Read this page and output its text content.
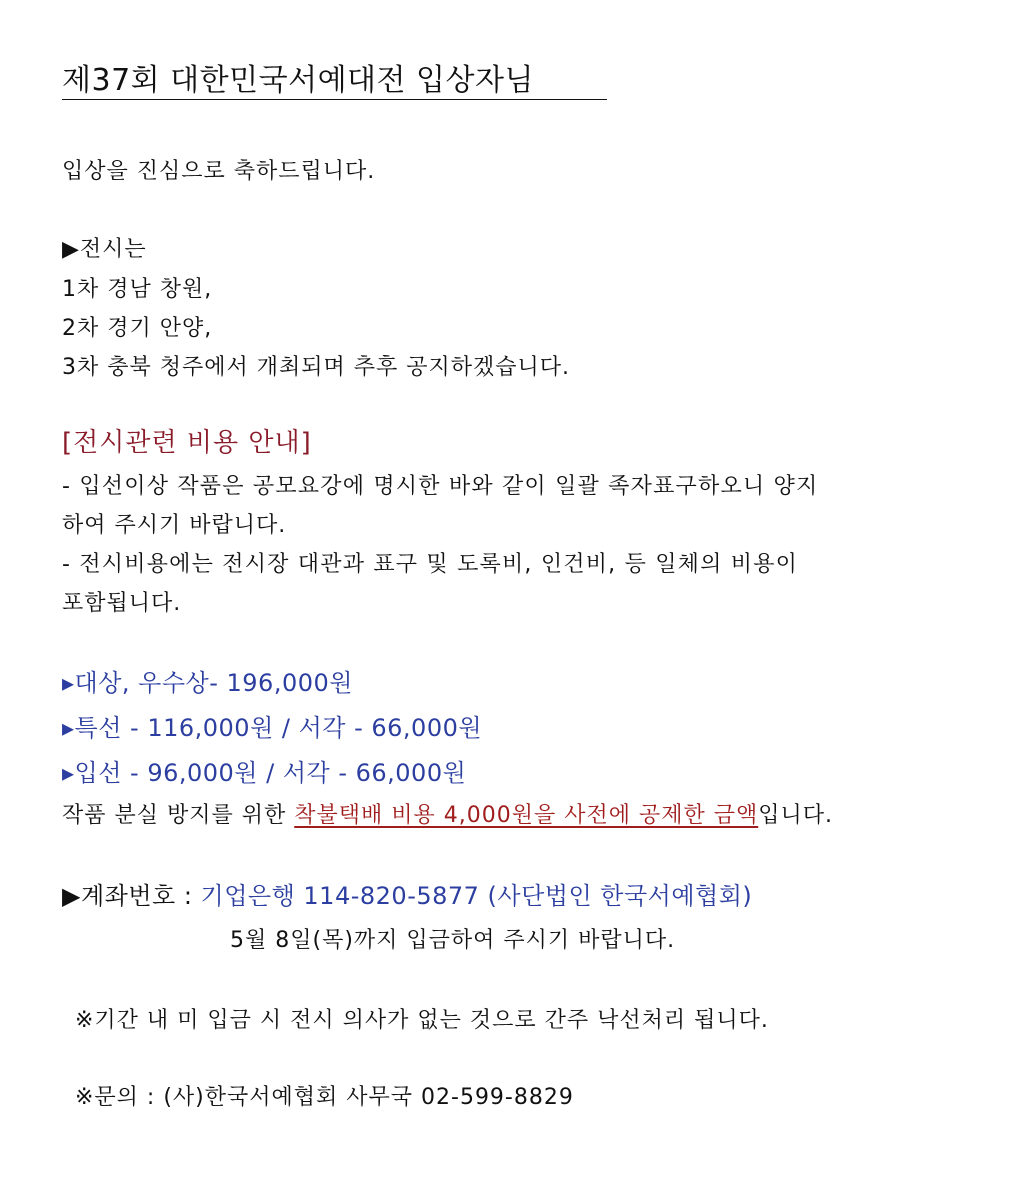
제37회 대한민국서예대전 입상자님
입상을 진심으로 축하드립니다.
▶전시는
1차 경남 창원,
2차 경기 안양,
3차 충북 청주에서 개최되며 추후 공지하겠습니다.
[전시관련 비용 안내]
- 입선이상 작품은 공모요강에 명시한 바와 같이 일괄 족자표구하오니 양지
하여 주시기 바랍니다.
- 전시비용에는 전시장 대관과 표구 및 도록비, 인건비, 등 일체의 비용이
포함됩니다.
▸대상, 우수상- 196,000원
▸특선 - 116,000원 / 서각 - 66,000원
▸입선 - 96,000원 / 서각 - 66,000원
작품 분실 방지를 위한 착불택배 비용 4,000원을 사전에 공제한 금액입니다.
▶계좌번호 : 기업은행 114-820-5877 (사단법인 한국서예협회)
5월 8일(목)까지 입금하여 주시기 바랍니다.
※기간 내 미 입금 시 전시 의사가 없는 것으로 간주 낙선처리 됩니다.
※문의 : (사)한국서예협회 사무국 02-599-8829
